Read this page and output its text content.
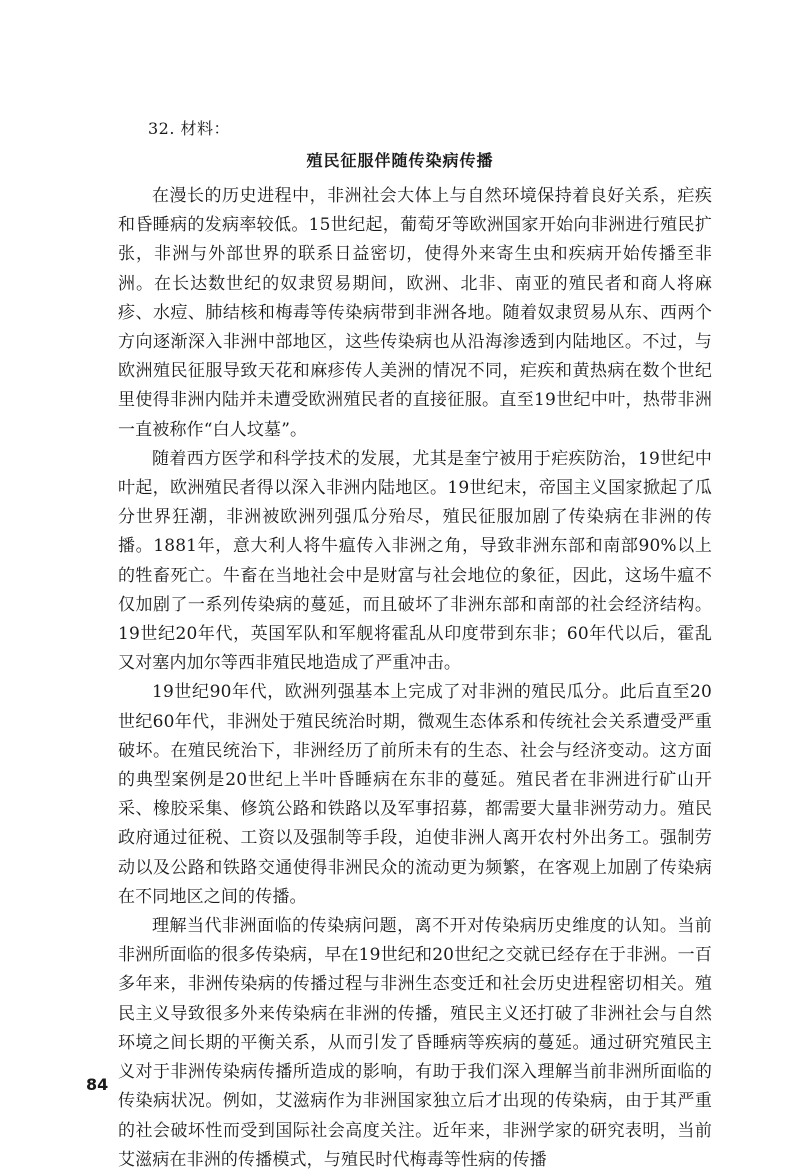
32. 材料：
殖民征服伴随传染病传播

在漫长的历史进程中，非洲社会大体上与自然环境保持着良好关系，疟疾和昏睡病的发病率较低。15世纪起，葡萄牙等欧洲国家开始向非洲进行殖民扩张，非洲与外部世界的联系日益密切，使得外来寄生虫和疾病开始传播至非洲。在长达数世纪的奴隶贸易期间，欧洲、北非、南亚的殖民者和商人将麻疹、水痘、肺结核和梅毒等传染病带到非洲各地。随着奴隶贸易从东、西两个方向逐渐深入非洲中部地区，这些传染病也从沿海渗透到内陆地区。不过，与欧洲殖民征服导致天花和麻疹传人美洲的情况不同，疟疾和黄热病在数个世纪里使得非洲内陆并未遭受欧洲殖民者的直接征服。直至19世纪中叶，热带非洲一直被称作“白人坟墓”。

随着西方医学和科学技术的发展，尤其是奎宁被用于疟疾防治，19世纪中叶起，欧洲殖民者得以深入非洲内陆地区。19世纪末，帝国主义国家掀起了瓜分世界狂潮，非洲被欧洲列强瓜分殆尽，殖民征服加剧了传染病在非洲的传播。1881年，意大利人将牛瘟传入非洲之角，导致非洲东部和南部90%以上的牲畜死亡。牛畜在当地社会中是财富与社会地位的象征，因此，这场牛瘟不仅加剧了一系列传染病的蔓延，而且破坏了非洲东部和南部的社会经济结构。19世纪20年代，英国军队和军舰将霍乱从印度带到东非；60年代以后，霍乱又对塞内加尔等西非殖民地造成了严重冲击。

19世纪90年代，欧洲列强基本上完成了对非洲的殖民瓜分。此后直至20世纪60年代，非洲处于殖民统治时期，微观生态体系和传统社会关系遭受严重破坏。在殖民统治下，非洲经历了前所未有的生态、社会与经济变动。这方面的典型案例是20世纪上半叶昏睡病在东非的蔓延。殖民者在非洲进行矿山开采、橡胶采集、修筑公路和铁路以及军事招募，都需要大量非洲劳动力。殖民政府通过征税、工资以及强制等手段，迫使非洲人离开农村外出务工。强制劳动以及公路和铁路交通使得非洲民众的流动更为频繁，在客观上加剧了传染病在不同地区之间的传播。

理解当代非洲面临的传染病问题，离不开对传染病历史维度的认知。当前非洲所面临的很多传染病，早在19世纪和20世纪之交就已经存在于非洲。一百多年来，非洲传染病的传播过程与非洲生态变迁和社会历史进程密切相关。殖民主义导致很多外来传染病在非洲的传播，殖民主义还打破了非洲社会与自然环境之间长期的平衡关系，从而引发了昏睡病等疾病的蔓延。通过研究殖民主义对于非洲传染病传播所造成的影响，有助于我们深入理解当前非洲所面临的传染病状况。例如，艾滋病作为非洲国家独立后才出现的传染病，由于其严重的社会破坏性而受到国际社会高度关注。近年来，非洲学家的研究表明，当前艾滋病在非洲的传播模式，与殖民时代梅毒等性病的传播

84
